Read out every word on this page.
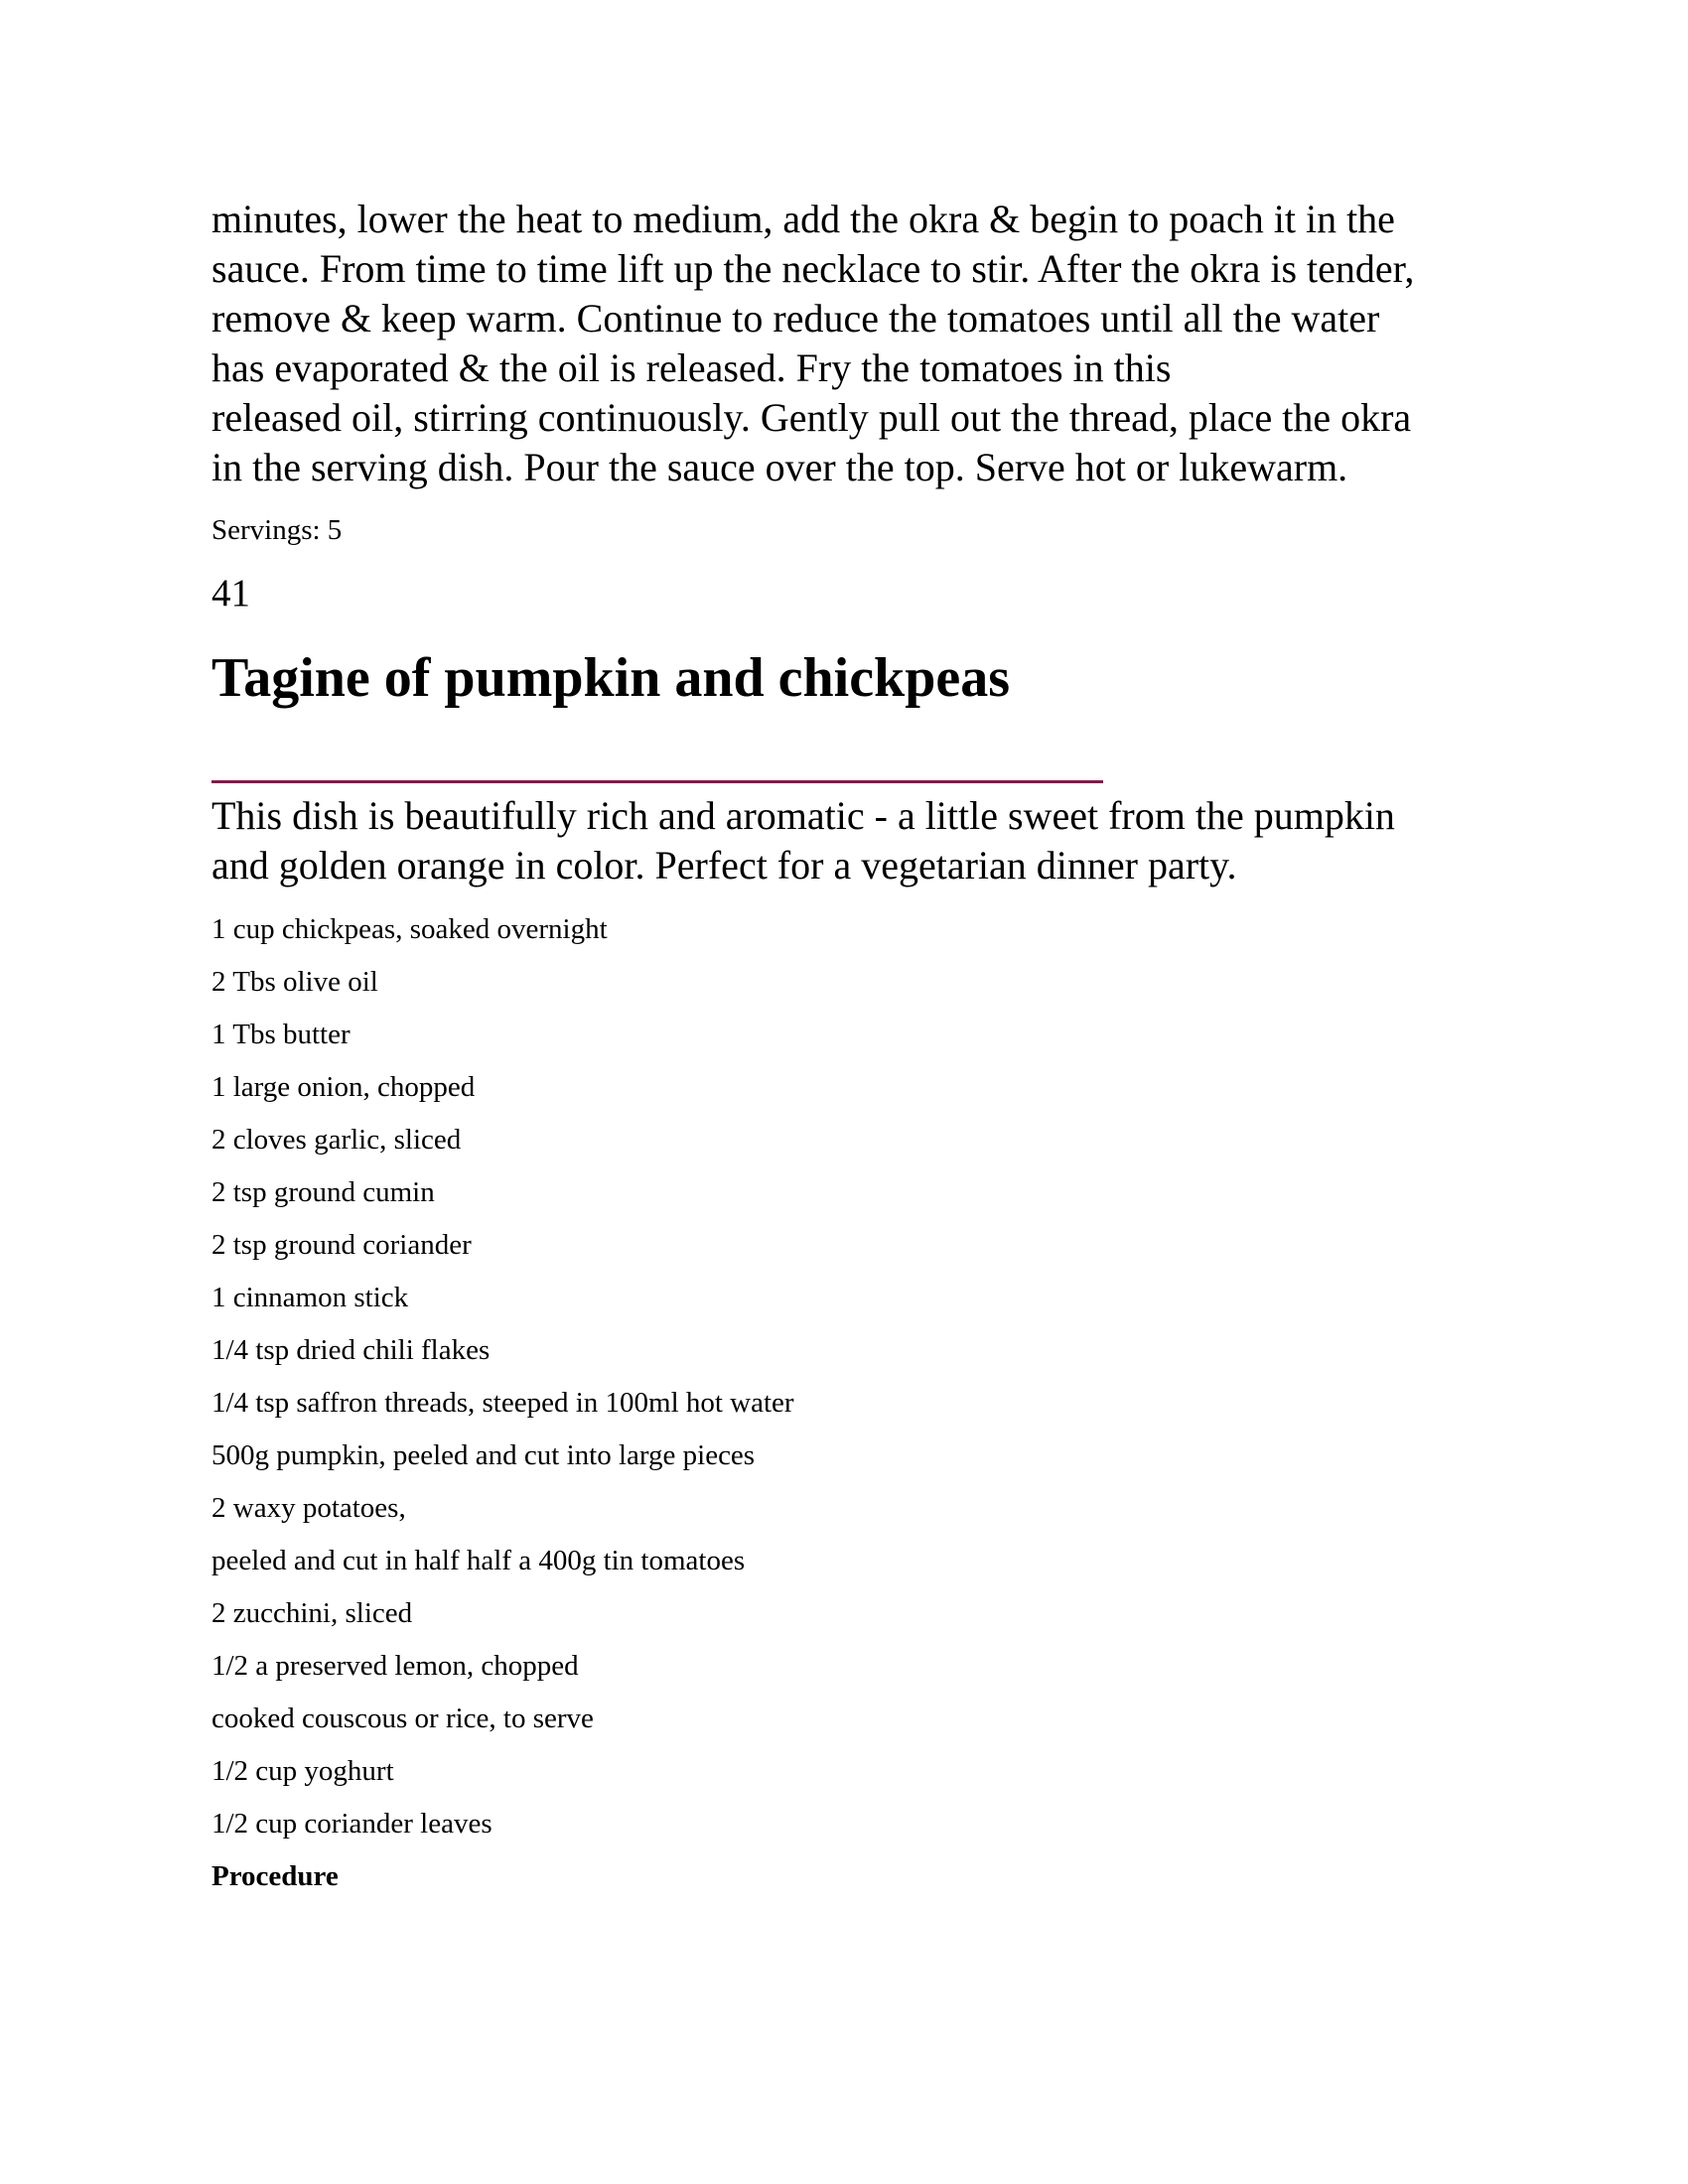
minutes, lower the heat to medium, add the okra & begin to poach it in the

sauce. From time to time lift up the necklace to stir. After the okra is tender,

remove & keep warm. Continue to reduce the tomatoes until all the water

has evaporated & the oil is released. Fry the tomatoes in this

released oil, stirring continuously. Gently pull out the thread, place the okra

in the serving dish. Pour the sauce over the top. Serve hot or lukewarm.

Servings: 5
41
Tagine of pumpkin and chickpeas
This dish is beautifully rich and aromatic - a little sweet from the pumpkin
and golden orange in color. Perfect for a vegetarian dinner party.
1 cup chickpeas, soaked overnight
2 Tbs olive oil
1 Tbs butter
1 large onion, chopped
2 cloves garlic, sliced
2 tsp ground cumin
2 tsp ground coriander
1 cinnamon stick
1/4 tsp dried chili flakes
1/4 tsp saffron threads, steeped in 100ml hot water
500g pumpkin, peeled and cut into large pieces
2 waxy potatoes,
peeled and cut in half half a 400g tin tomatoes
2 zucchini, sliced
1/2 a preserved lemon, chopped
cooked couscous or rice, to serve
1/2 cup yoghurt
1/2 cup coriander leaves
Procedure
